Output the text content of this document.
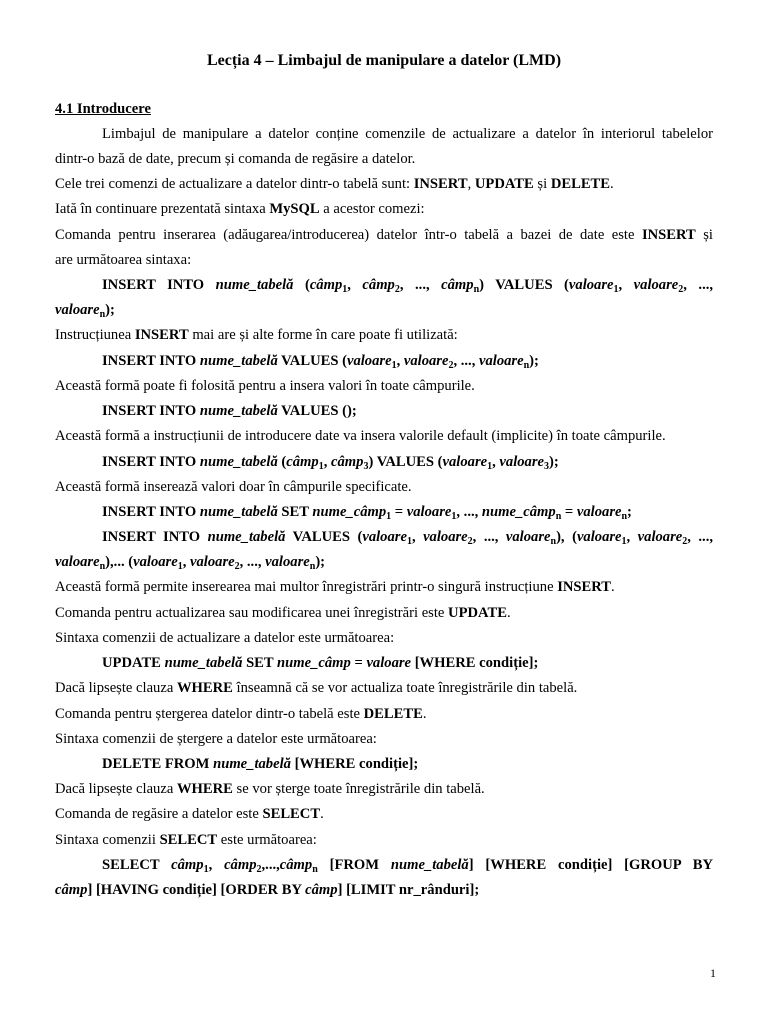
Lecția 4 – Limbajul de manipulare a datelor (LMD)
4.1 Introducere
Limbajul de manipulare a datelor conține comenzile de actualizare a datelor în interiorul tabelelor
dintr-o bază de date, precum și comanda de regăsire a datelor.
Cele trei comenzi de actualizare a datelor dintr-o tabelă sunt: INSERT, UPDATE și DELETE.
Iată în continuare prezentată sintaxa MySQL a acestor comezi:
Comanda pentru inserarea (adăugarea/introducerea) datelor într-o tabelă a bazei de date este INSERT și
are următoarea sintaxa:
INSERT INTO nume_tabelă (câmp$_1$, câmp$_2$, ..., câmp$_n$) VALUES (valoare$_1$, valoare$_2$, ...,
valoare$_n$);
Instrucțiunea INSERT mai are și alte forme în care poate fi utilizată:
INSERT INTO nume_tabelă VALUES (valoare$_1$, valoare$_2$, ..., valoare$_n$);
Această formă poate fi folosită pentru a insera valori în toate câmpurile.
INSERT INTO nume_tabelă VALUES ();
Această formă a instrucțiunii de introducere date va insera valorile default (implicite) în toate câmpurile.
INSERT INTO nume_tabelă (câmp$_1$, câmp$_3$) VALUES (valoare$_1$, valoare$_3$);
Această formă inserează valori doar în câmpurile specificate.
INSERT INTO nume_tabelă SET nume_câmp$_1$ = valoare$_1$, ..., nume_câmp$_n$ = valoare$_n$;
INSERT INTO nume_tabelă VALUES (valoare$_1$, valoare$_2$, ..., valoare$_n$), (valoare$_1$, valoare$_2$, ...,
valoare$_n$),... (valoare$_1$, valoare$_2$, ..., valoare$_n$);
Această formă permite inserearea mai multor înregistrări printr-o singură instrucțiune INSERT.
Comanda pentru actualizarea sau modificarea unei înregistrări este UPDATE.
Sintaxa comenzii de actualizare a datelor este următoarea:
UPDATE nume_tabelă SET nume_câmp = valoare [WHERE condiție];
Dacă lipsește clauza WHERE înseamnă că se vor actualiza toate înregistrările din tabelă.
Comanda pentru ștergerea datelor dintr-o tabelă este DELETE.
Sintaxa comenzii de ștergere a datelor este următoarea:
DELETE FROM nume_tabelă [WHERE condiție];
Dacă lipsește clauza WHERE se vor șterge toate înregistrările din tabelă.
Comanda de regăsire a datelor este SELECT.
Sintaxa comenzii SELECT este următoarea:
SELECT câmp$_1$, câmp$_2$,...,câmp$_n$ [FROM nume_tabelă] [WHERE condiție] [GROUP BY
câmp] [HAVING condiție] [ORDER BY câmp] [LIMIT nr_rânduri];
1
